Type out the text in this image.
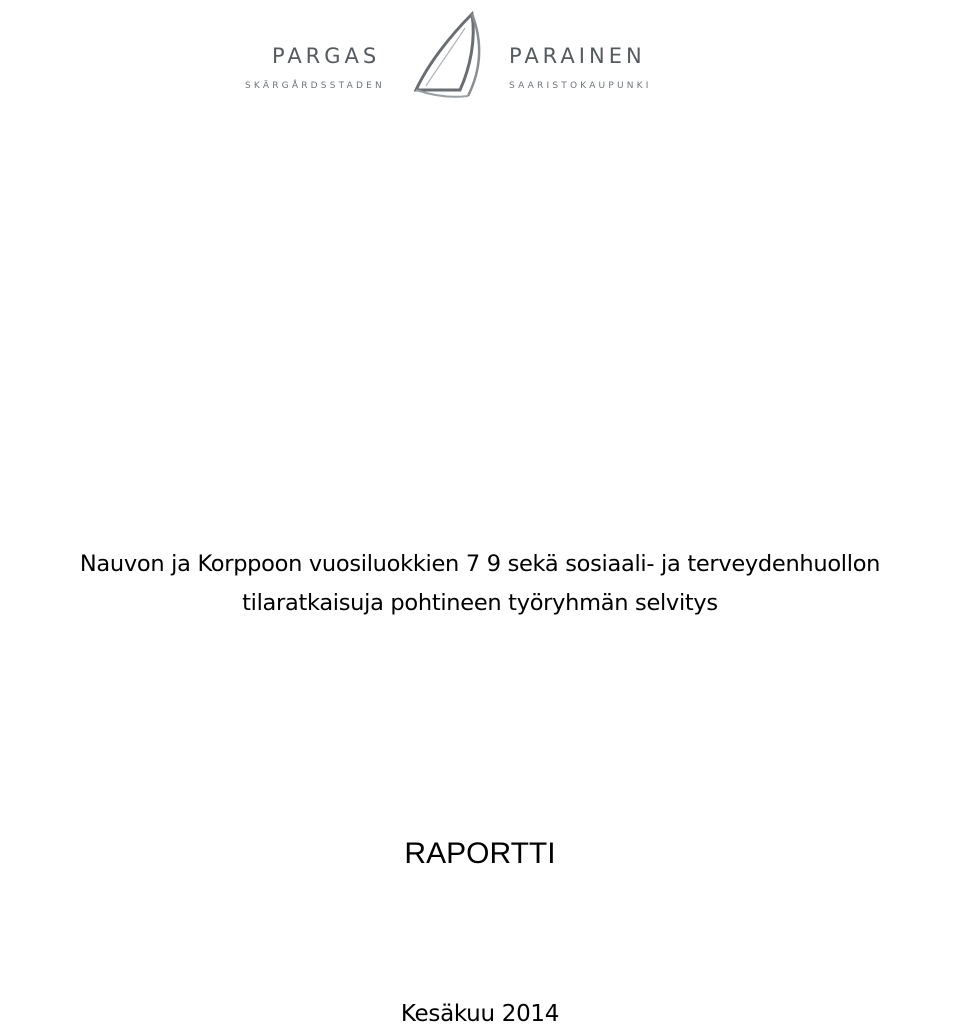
PARGAS	PARAINEN
SKÄRGÅRDSSTADEN	SAARISTOKAUPUNKI
Nauvon ja Korppoon vuosiluokkien 7 9 sekä sosiaali- ja terveydenhuollon
tilaratkaisuja pohtineen työryhmän selvitys
RAPORTTI
Kesäkuu 2014
